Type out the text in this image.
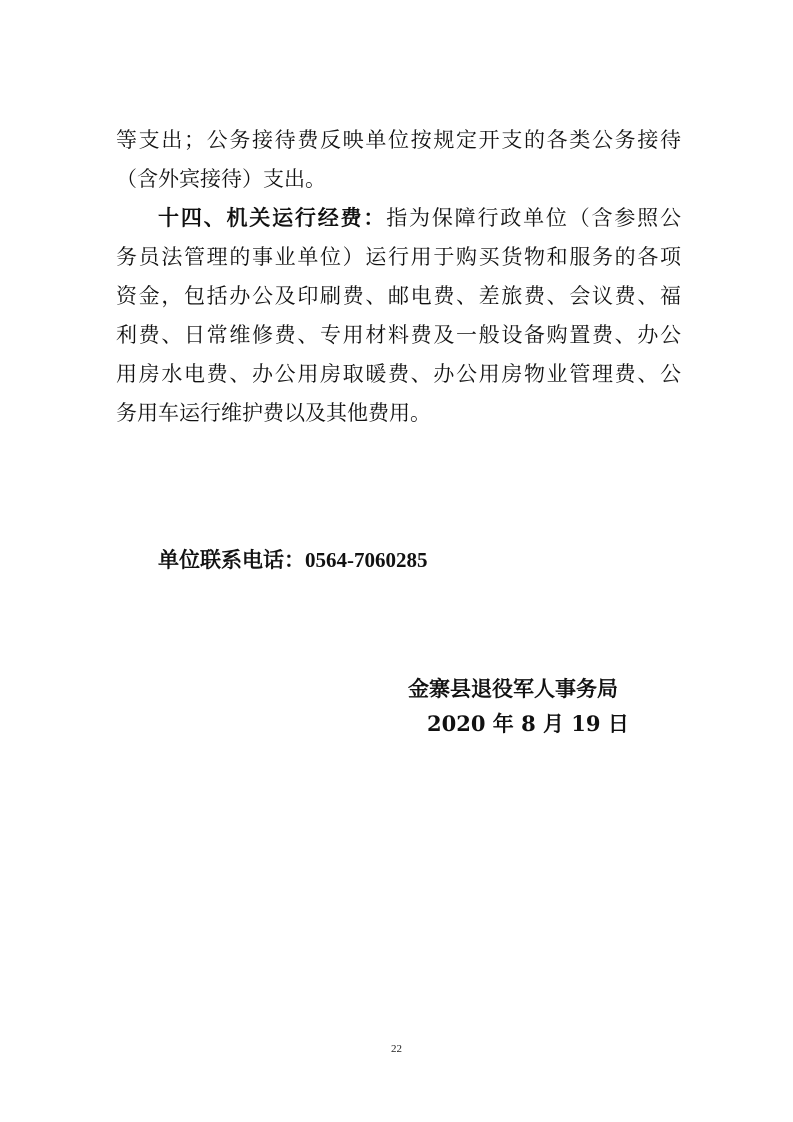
等支出；公务接待费反映单位按规定开支的各类公务接待
（含外宾接待）支出。
十四、机关运行经费：指为保障行政单位（含参照公
务员法管理的事业单位）运行用于购买货物和服务的各项
资金，包括办公及印刷费、邮电费、差旅费、会议费、福
利费、日常维修费、专用材料费及一般设备购置费、办公
用房水电费、办公用房取暖费、办公用房物业管理费、公
务用车运行维护费以及其他费用。
单位联系电话：0564-7060285
金寨县退役军人事务局
2020 年 8 月 19 日
22
